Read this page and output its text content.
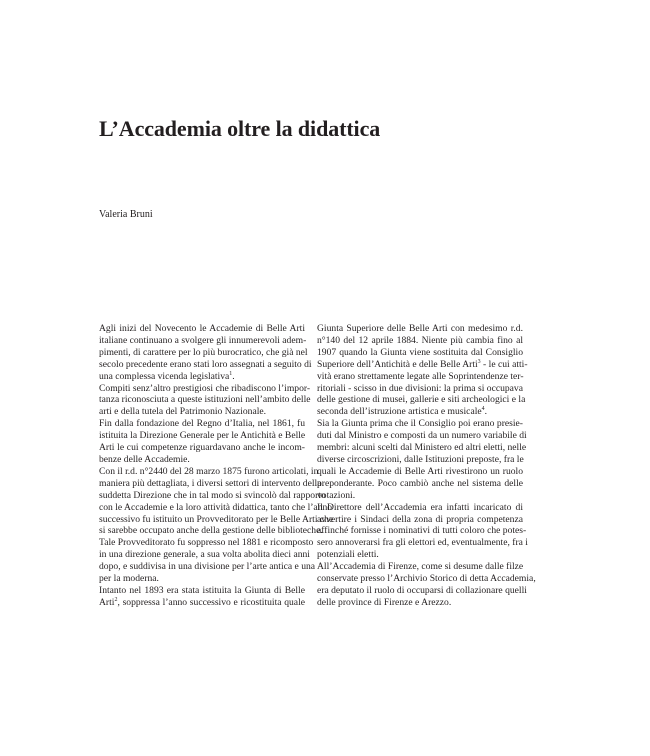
L’Accademia oltre la didattica
Valeria Bruni
Agli inizi del Novecento le Accademie di Belle Arti
italiane continuano a svolgere gli innumerevoli adem-
pimenti, di carattere per lo più burocratico, che già nel
secolo precedente erano stati loro assegnati a seguito di
una complessa vicenda legislativa$^1$.
Compiti senz’altro prestigiosi che ribadiscono l’impor-
tanza riconosciuta a queste istituzioni nell’ambito delle
arti e della tutela del Patrimonio Nazionale.
Fin dalla fondazione del Regno d’Italia, nel 1861, fu
istituita la Direzione Generale per le Antichità e Belle
Arti le cui competenze riguardavano anche le incom-
benze delle Accademie.
Con il r.d. n°2440 del 28 marzo 1875 furono articolati, in
maniera più dettagliata, i diversi settori di intervento della
suddetta Direzione che in tal modo si svincolò dal rapporto
con le Accademie e la loro attività didattica, tanto che l’anno
successivo fu istituito un Provveditorato per le Belle Arti che
si sarebbe occupato anche della gestione delle biblioteche.
Tale Provveditorato fu soppresso nel 1881 e ricomposto
in una direzione generale, a sua volta abolita dieci anni
dopo, e suddivisa in una divisione per l’arte antica e una
per la moderna.
Intanto nel 1893 era stata istituita la Giunta di Belle
Arti$^2$, soppressa l’anno successivo e ricostituita quale
Giunta Superiore delle Belle Arti con medesimo r.d.
n°140 del 12 aprile 1884. Niente più cambia fino al
1907 quando la Giunta viene sostituita dal Consiglio
Superiore dell’Antichità e delle Belle Arti$^3$ - le cui atti-
vità erano strettamente legate alle Soprintendenze ter-
ritoriali - scisso in due divisioni: la prima si occupava
delle gestione di musei, gallerie e siti archeologici e la
seconda dell’istruzione artistica e musicale$^4$.
Sia la Giunta prima che il Consiglio poi erano presie-
duti dal Ministro e composti da un numero variabile di
membri: alcuni scelti dal Ministero ed altri eletti, nelle
diverse circoscrizioni, dalle Istituzioni preposte, fra le
quali le Accademie di Belle Arti rivestirono un ruolo
preponderante. Poco cambiò anche nel sistema delle
votazioni.
Il Direttore dell’Accademia era infatti incaricato di
avvertire i Sindaci della zona di propria competenza
affinché fornisse i nominativi di tutti coloro che potes-
sero annoverarsi fra gli elettori ed, eventualmente, fra i
potenziali eletti.
All’Accademia di Firenze, come si desume dalle filze
conservate presso l’Archivio Storico di detta Accademia,
era deputato il ruolo di occuparsi di collazionare quelli
delle province di Firenze e Arezzo.
